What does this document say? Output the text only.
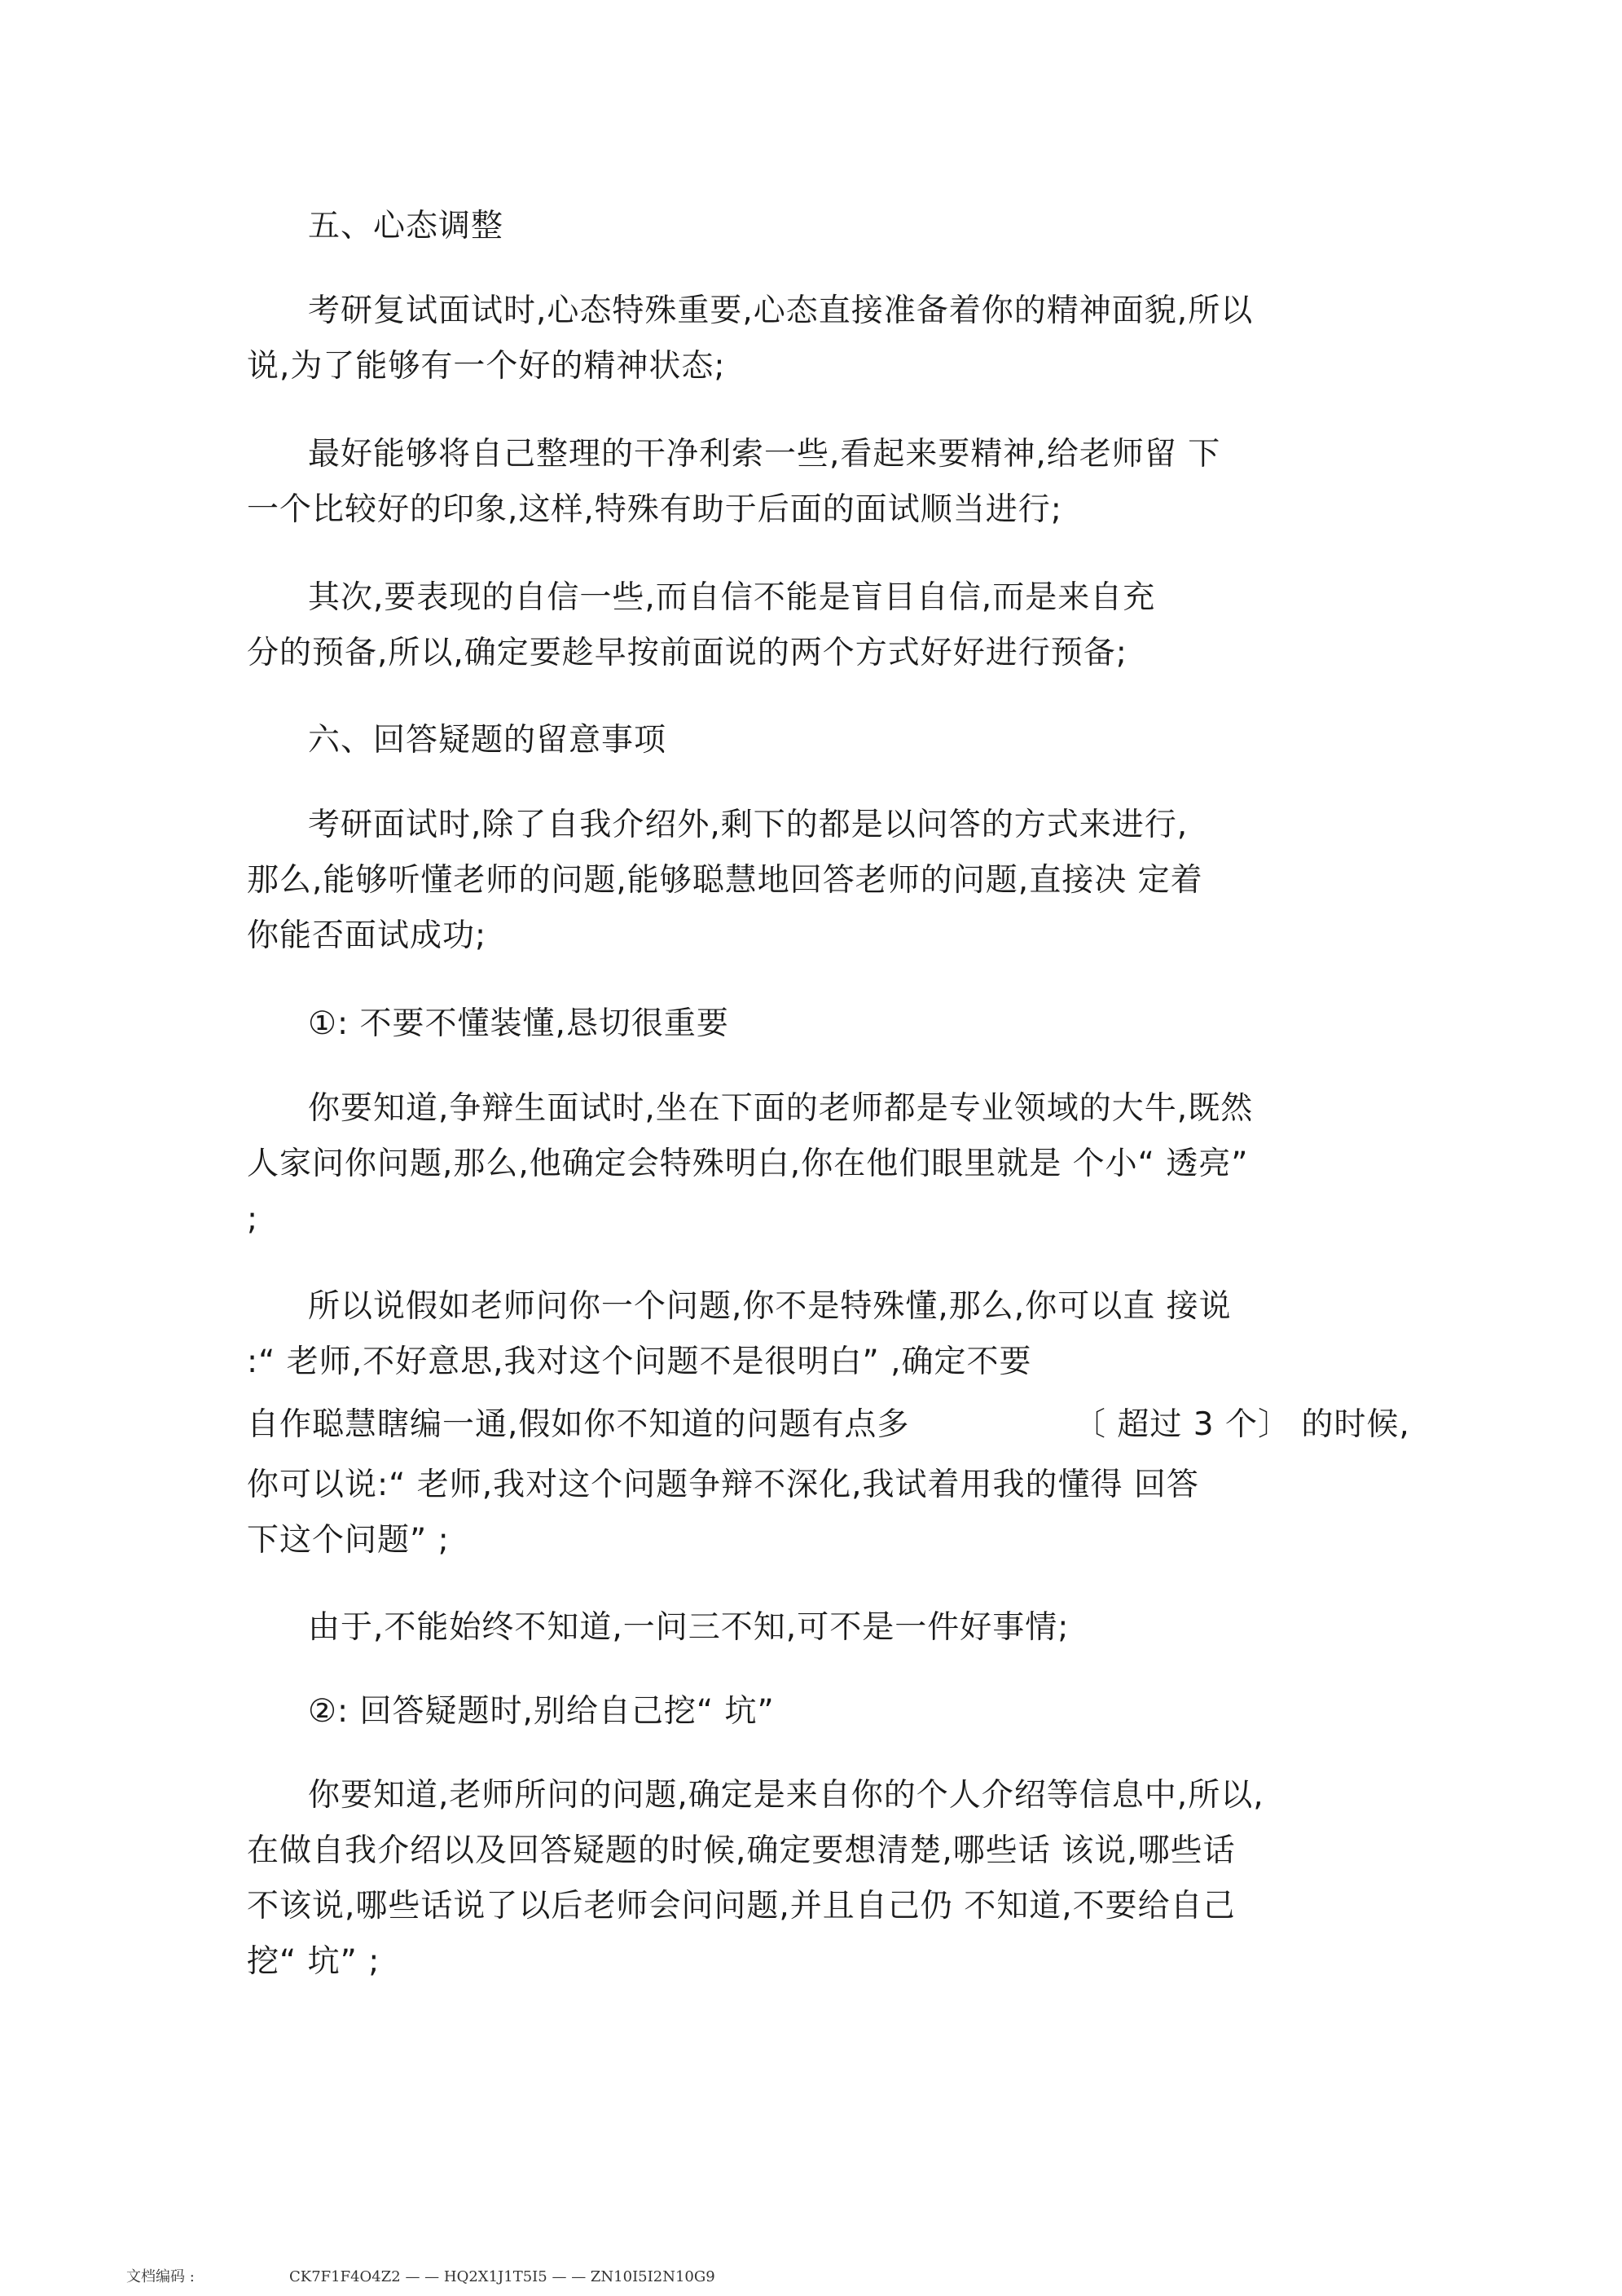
五、心态调整

考研复试面试时,心态特殊重要,心态直接准备着你的精神面貌,所以

说,为了能够有一个好的精神状态;

最好能够将自己整理的干净利索一些,看起来要精神,给老师留 下

一个比较好的印象,这样,特殊有助于后面的面试顺当进行;

其次,要表现的自信一些,而自信不能是盲目自信,而是来自充

分的预备,所以,确定要趁早按前面说的两个方式好好进行预备;

六、回答疑题的留意事项

考研面试时,除了自我介绍外,剩下的都是以问答的方式来进行,

那么,能够听懂老师的问题,能够聪慧地回答老师的问题,直接决 定着

你能否面试成功;

①: 不要不懂装懂,恳切很重要

你要知道,争辩生面试时,坐在下面的老师都是专业领域的大牛,既然

人家问你问题,那么,他确定会特殊明白,你在他们眼里就是 个小“ 透亮”

;

所以说假如老师问你一个问题,你不是特殊懂,那么,你可以直 接说

:“ 老师,不好意思,我对这个问题不是很明白” ,确定不要

自作聪慧瞎编一通,假如你不知道的问题有点多	〔 超过 3 个〕 的时候,

你可以说:“ 老师,我对这个问题争辩不深化,我试着用我的懂得 回答

下这个问题” ;

由于,不能始终不知道,一问三不知,可不是一件好事情;

②: 回答疑题时,别给自己挖“ 坑”

你要知道,老师所问的问题,确定是来自你的个人介绍等信息中,所以,

在做自我介绍以及回答疑题的时候,确定要想清楚,哪些话 该说,哪些话

不该说,哪些话说了以后老师会问问题,并且自己仍 不知道,不要给自己

挖“ 坑” ;

文档编码 :	CK7F1F4O4Z2 — — HQ2X1J1T5I5 — — ZN10I5I2N10G9
